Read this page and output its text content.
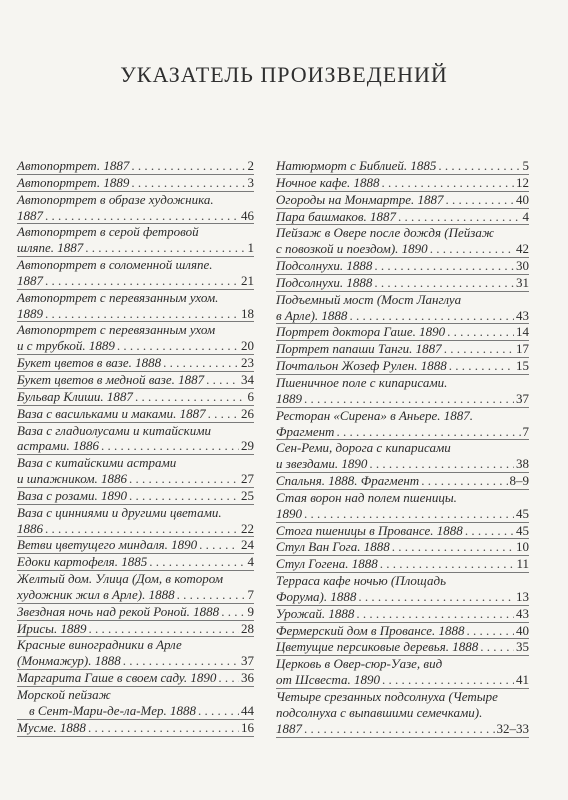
УКАЗАТЕЛЬ ПРОИЗВЕДЕНИЙ
Автопортрет. 1887 . . .	2
Автопортрет. 1889 . . .	3
Автопортрет в образе художника.
1887 . . .	46
Автопортрет в серой фетровой
шляпе. 1887 . . .	1
Автопортрет в соломенной шляпе.
1887 . . .	21
Автопортрет с перевязанным ухом.
1889 . . .	18
Автопортрет с перевязанным ухом
и с трубкой. 1889 . . .	20
Букет цветов в вазе. 1888 . . .	23
Букет цветов в медной вазе. 1887 . . .	34
Бульвар Клиши. 1887 . . .	6
Ваза с васильками и маками. 1887 . . .	26
Ваза с гладиолусами и китайскими
астрами. 1886 . . .	29
Ваза с китайскими астрами
и шпажником. 1886 . . .	27
Ваза с розами. 1890 . . .	25
Ваза с цинниями и другими цветами.
1886 . . .	22
Ветви цветущего миндаля. 1890 . . .	24
Едоки картофеля. 1885 . . .	4
Желтый дом. Улица (Дом, в котором
художник жил в Арле). 1888 . . .	7
Звездная ночь над рекой Роной. 1888 . . . 9
Ирисы. 1889 . . .	28
Красные виноградники в Арле
(Монмажур). 1888 . . .	37
Маргарита Гаше в своем саду. 1890 . . . 36
Морской пейзаж
в Сент-Мари-де-ла-Мер. 1888 . . .	44
Мусме. 1888 . . .	16
Натюрморт с Библией. 1885 . . .	5
Ночное кафе. 1888 . . .	12
Огороды на Монмартре. 1887 . . .	40
Пара башмаков. 1887 . . .	4
Пейзаж в Овере после дождя (Пейзаж
с повозкой и поездом). 1890 . . .	42
Подсолнухи. 1888 . . .	30
Подсолнухи. 1888 . . .	31
Подъемный мост (Мост Ланглуа
в Арле). 1888 . . .	43
Портрет доктора Гаше. 1890 . . .	14
Портрет папаши Танги. 1887 . . .	17
Почтальон Жозеф Рулен. 1888 . . .	15
Пшеничное поле с кипарисами.
1889 . . .	37
Ресторан «Сирена» в Аньере. 1887.
Фрагмент . . .	7
Сен-Реми, дорога с кипарисами
и звездами. 1890 . . .	38
Спальня. 1888. Фрагмент . . .	8–9
Стая ворон над полем пшеницы.
1890 . . .	45
Стога пшеницы в Провансе. 1888 . . .	45
Стул Ван Гога. 1888 . . .	10
Стул Гогена. 1888 . . .	11
Терраса кафе ночью (Площадь
Форума). 1888 . . .	13
Урожай. 1888 . . .	43
Фермерский дом в Провансе. 1888 . . .	40
Цветущие персиковые деревья. 1888 . . .	35
Церковь в Овер-сюр-Уазе, вид
от Шсвеста. 1890 . . .	41
Четыре срезанных подсолнуха (Четыре
подсолнуха с выпавшими семечками).
1887 . . .	32–33
